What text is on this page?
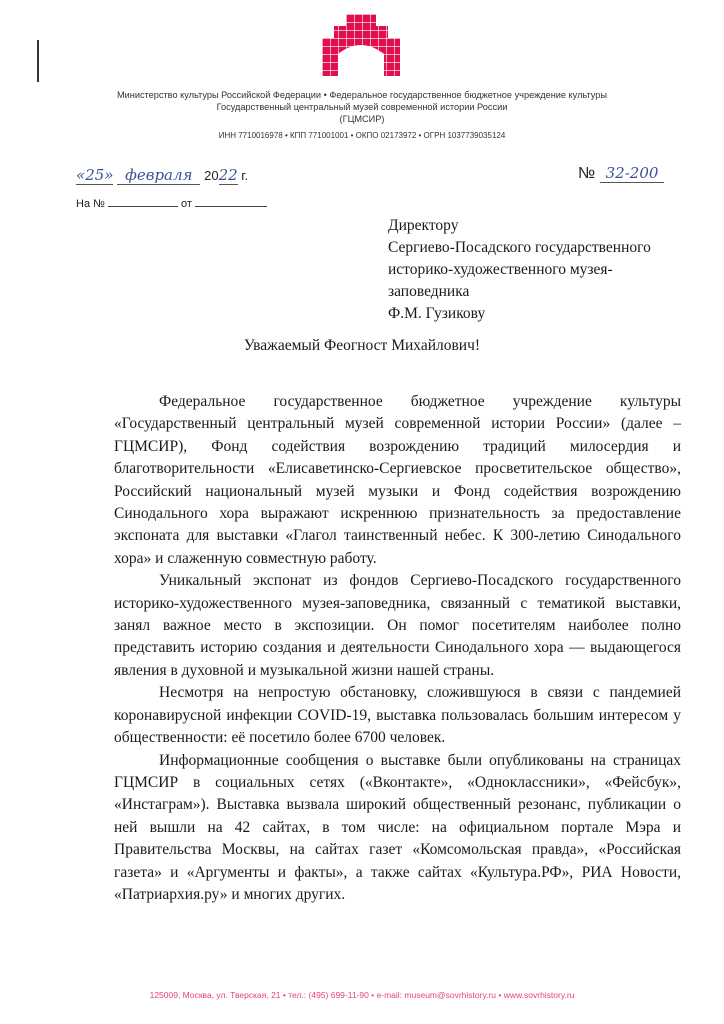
Министерство культуры Российской Федерации • Федеральное государственное бюджетное учреждение культуры
Государственный центральный музей современной истории России
(ГЦМСИР)
ИНН 7710016978 • КПП 771001001 • ОКПО 02173972 • ОГРН 1037739035124
«25» февраля 2022 г.	№ 32-200
На №	от
Директору
Сергиево-Посадского государственного
историко-художественного музея-
заповедника
Ф.М. Гузикову
Уважаемый Феогност Михайлович!

Федеральное государственное бюджетное учреждение культуры «Государственный центральный музей современной истории России» (далее – ГЦМСИР), Фонд содействия возрождению традиций милосердия и благотворительности «Елисаветинско-Сергиевское просветительское общество», Российский национальный музей музыки и Фонд содействия возрождению Синодального хора выражают искреннюю признательность за предоставление экспоната для выставки «Глагол таинственный небес. К 300-летию Синодального хора» и слаженную совместную работу.

Уникальный экспонат из фондов Сергиево-Посадского государственного историко-художественного музея-заповедника, связанный с тематикой выставки, занял важное место в экспозиции. Он помог посетителям наиболее полно представить историю создания и деятельности Синодального хора — выдающегося явления в духовной и музыкальной жизни нашей страны.

Несмотря на непростую обстановку, сложившуюся в связи с пандемией коронавирусной инфекции COVID-19, выставка пользовалась большим интересом у общественности: её посетило более 6700 человек.

Информационные сообщения о выставке были опубликованы на страницах ГЦМСИР в социальных сетях («Вконтакте», «Одноклассники», «Фейсбук», «Инстаграм»). Выставка вызвала широкий общественный резонанс, публикации о ней вышли на 42 сайтах, в том числе: на официальном портале Мэра и Правительства Москвы, на сайтах газет «Комсомольская правда», «Российская газета» и «Аргументы и факты», а также сайтах «Культура.РФ», РИА Новости, «Патриархия.ру» и многих других.

125009, Москва, ул. Тверская, 21 • тел.: (495) 699-11-90 • e-mail: museum@sovrhistory.ru • www.sovrhistory.ru
